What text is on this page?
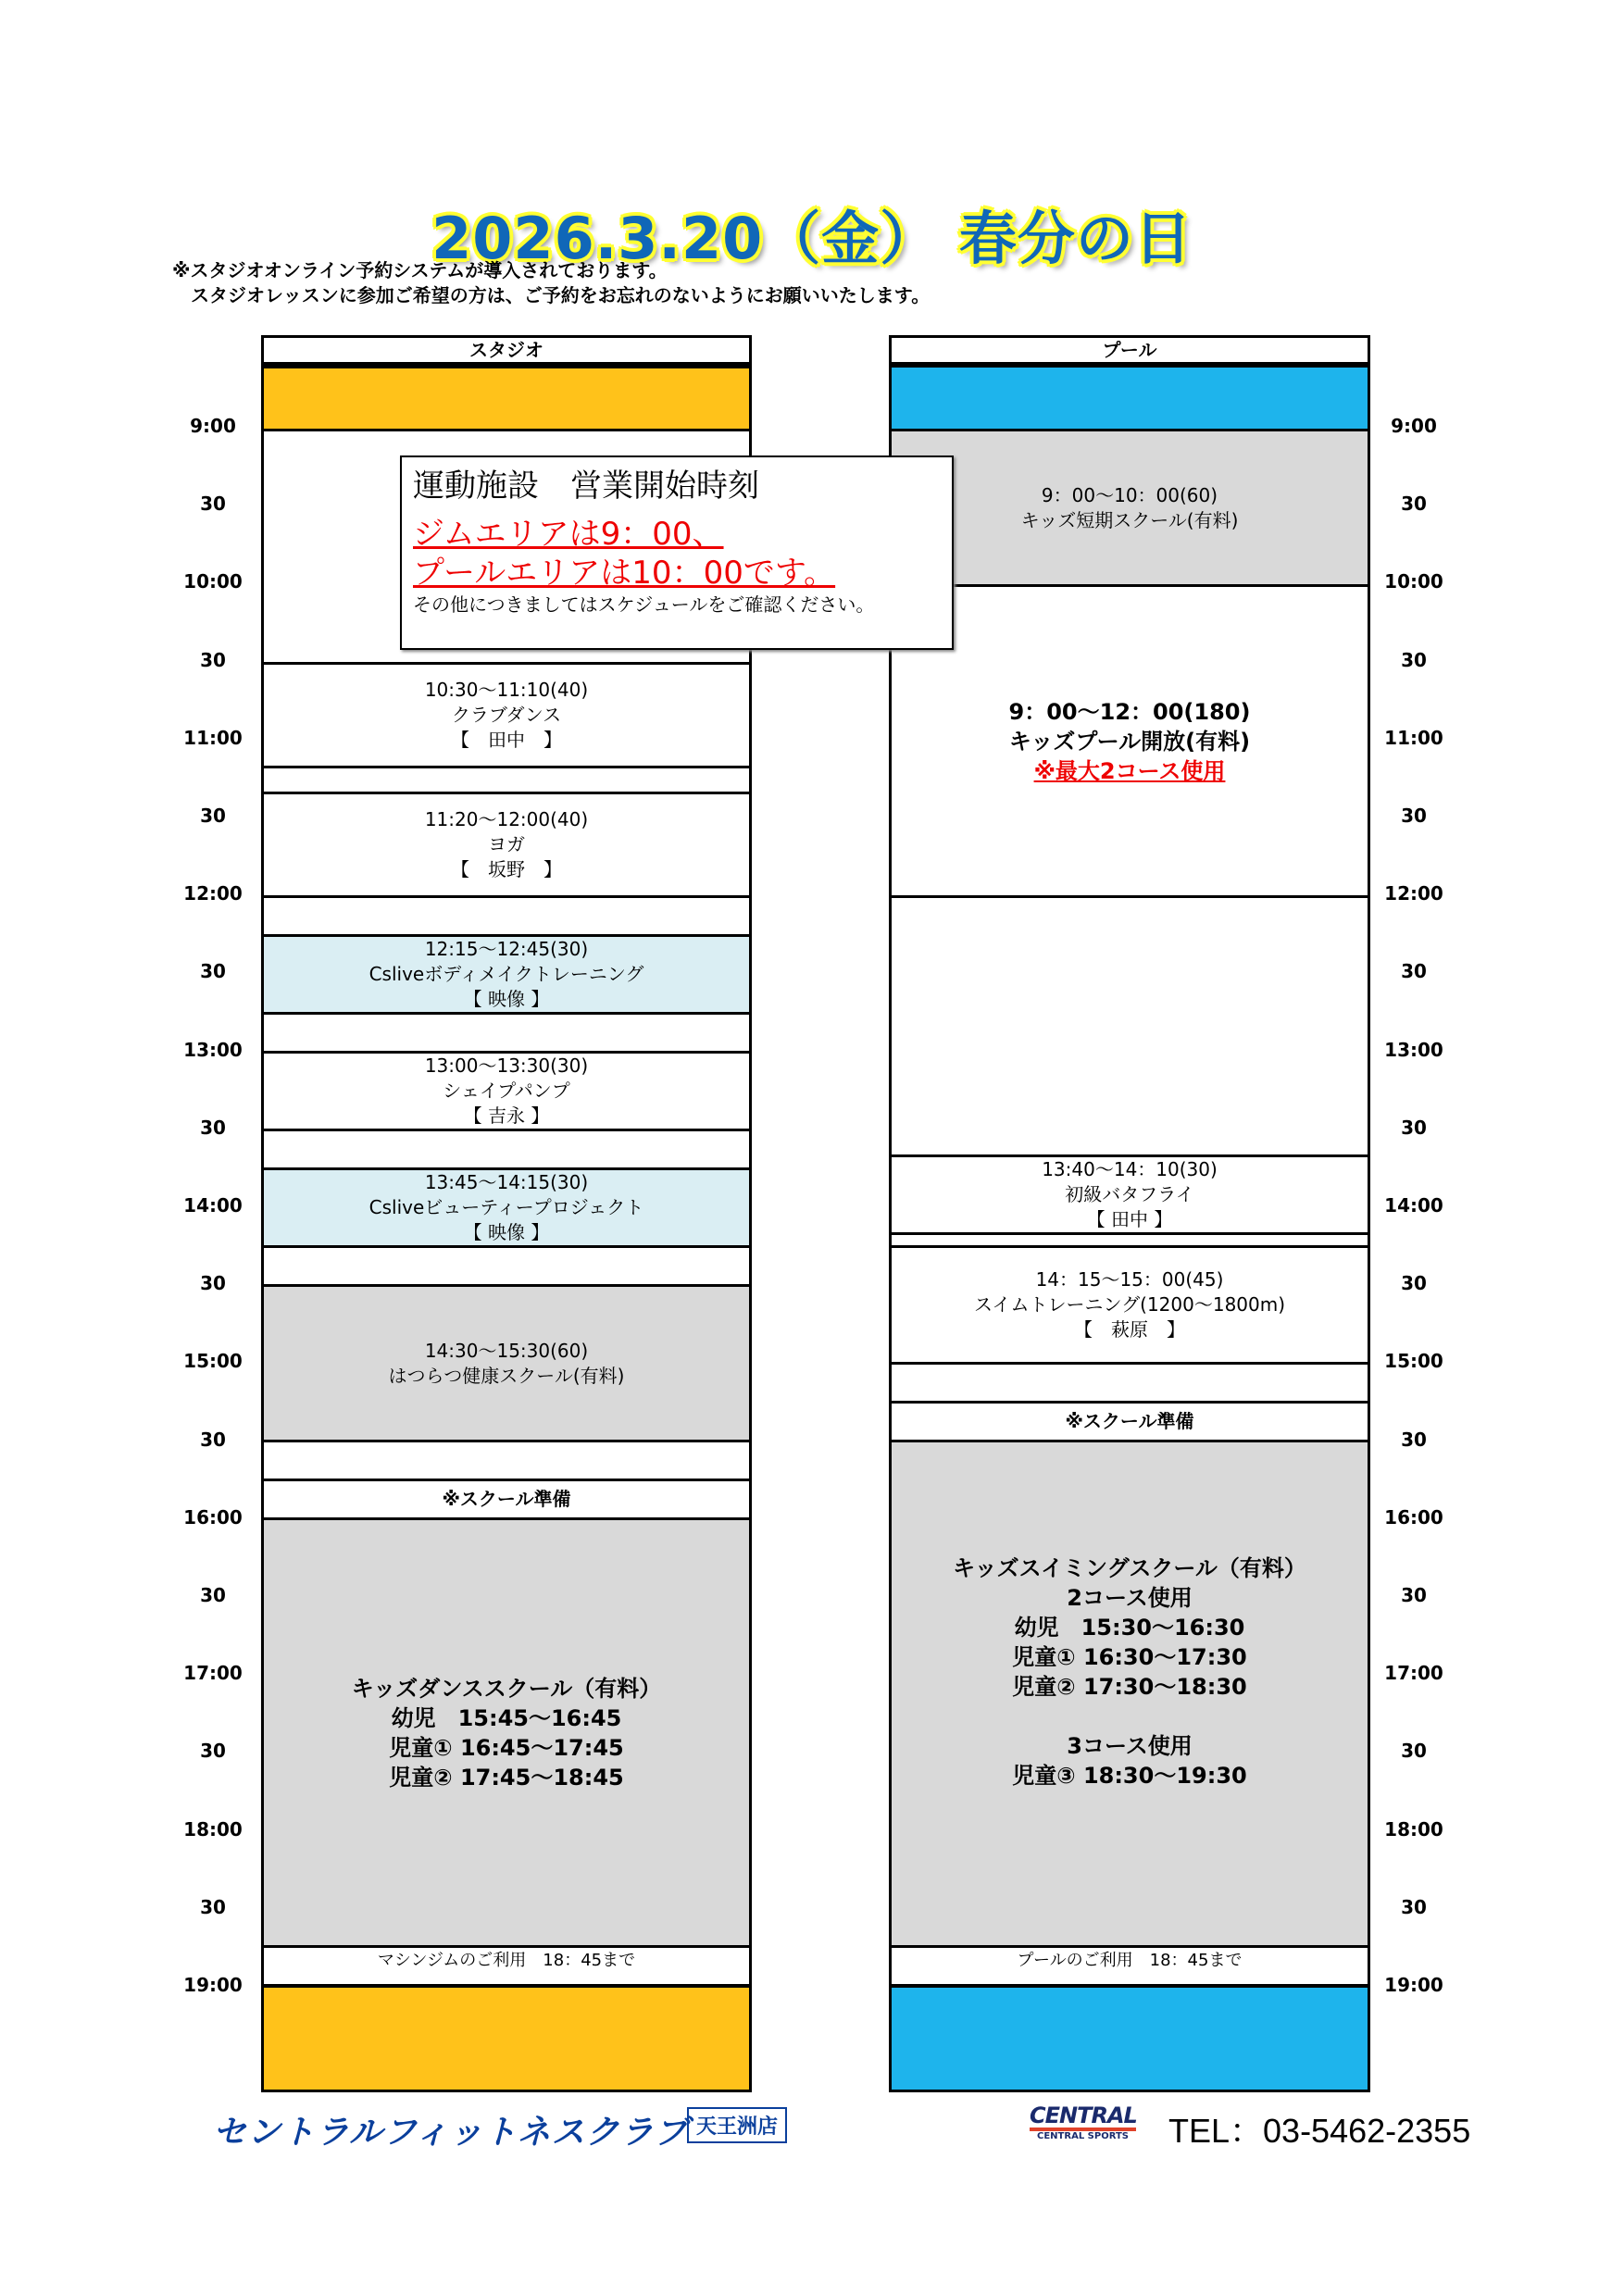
2026.3.20（金） 春分の日
※スタジオオンライン予約システムが導入されております。
　スタジオレッスンに参加ご希望の方は、ご予約をお忘れのないようにお願いいたします。
9:00
30
10:00
30
11:00
30
12:00
30
13:00
30
14:00
30
15:00
30
16:00
30
17:00
30
18:00
30
19:00
9:00
30
10:00
30
11:00
30
12:00
30
13:00
30
14:00
30
15:00
30
16:00
30
17:00
30
18:00
30
19:00
スタジオ
10:30～11:10(40)
クラブダンス
【　田中　】
11:20～12:00(40)
ヨガ
【　坂野　】
12:15～12:45(30)
Csliveボディメイクトレーニング
【 映像 】
13:00～13:30(30)
シェイプパンプ
【 吉永 】
13:45～14:15(30)
Csliveビューティープロジェクト
【 映像 】
14:30～15:30(60)
はつらつ健康スクール(有料)
※スクール準備
キッズダンススクール（有料）
幼児　15:45～16:45
児童① 16:45～17:45
児童② 17:45～18:45
マシンジムのご利用　18：45まで
プール
9：00～10：00(60)
キッズ短期スクール(有料)
9：00～12：00(180)
キッズプール開放(有料)
※最大2コース使用
13:40～14：10(30)
初級バタフライ
【 田中 】
14：15～15：00(45)
スイムトレーニング(1200～1800m)
【　萩原　】
※スクール準備
キッズスイミングスクール（有料）
2コース使用
幼児　15:30～16:30
児童① 16:30～17:30
児童② 17:30～18:30
3コース使用
児童③ 18:30～19:30
プールのご利用　18：45まで
運動施設　営業開始時刻
ジムエリアは9：00、
プールエリアは10：00です。
その他につきましてはスケジュールをご確認ください。
セントラルフィットネスクラブ 天王洲店	CENTRAL
CENTRAL SPORTS TEL：03-5462-2355
